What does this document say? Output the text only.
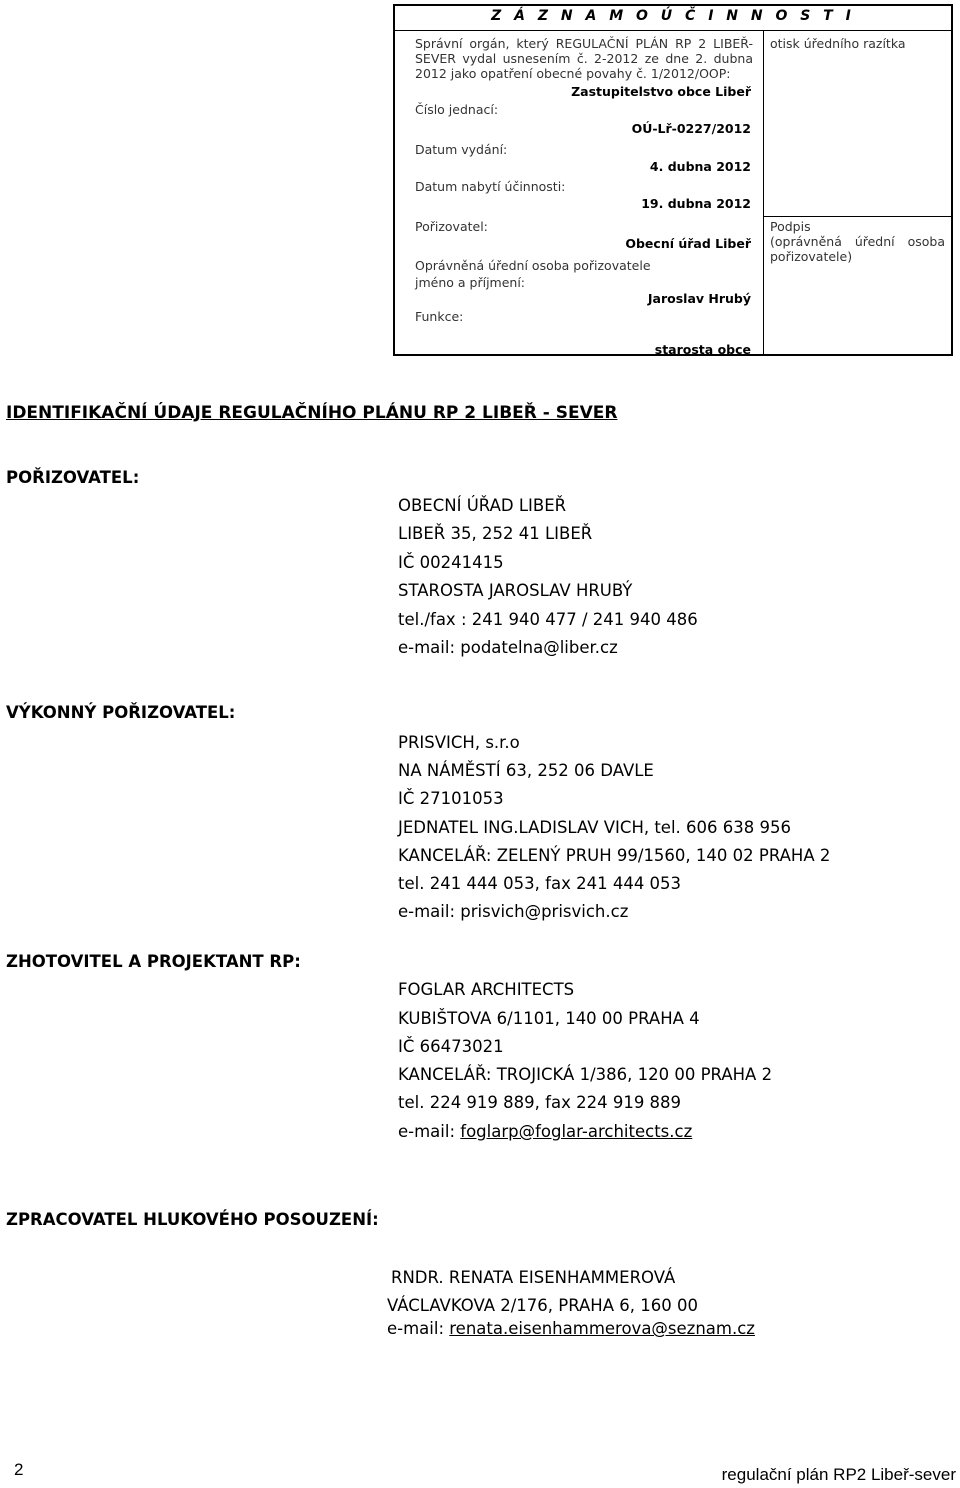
Z Á Z N A M O Ú Č I N N O S T I
Správní orgán, který REGULAČNÍ PLÁN RP 2 LIBEŘ-SEVER vydal usnesením č. 2-2012 ze dne 2. dubna 2012 jako opatření obecné povahy č. 1/2012/OOP:
Zastupitelstvo obce Libeř
Číslo jednací:
OÚ-Lř-0227/2012
Datum vydání:
4. dubna 2012
Datum nabytí účinnosti:
19. dubna 2012
Pořizovatel:
Obecní úřad Libeř
Oprávněná úřední osoba pořizovatele
jméno a příjmení:
Jaroslav Hrubý
Funkce:
starosta obce
otisk úředního razítka
Podpis
(oprávněná úřední osoba
pořizovatele)
IDENTIFIKAČNÍ ÚDAJE REGULAČNÍHO PLÁNU RP 2 LIBEŘ - SEVER
POŘIZOVATEL:
OBECNÍ ÚŘAD LIBEŘ
LIBEŘ 35, 252 41 LIBEŘ
IČ 00241415
STAROSTA JAROSLAV HRUBÝ
tel./fax : 241 940 477 / 241 940 486
e-mail: podatelna@liber.cz
VÝKONNÝ POŘIZOVATEL:
PRISVICH, s.r.o
NA NÁMĚSTÍ 63, 252 06 DAVLE
IČ 27101053
JEDNATEL ING.LADISLAV VICH, tel. 606 638 956
KANCELÁŘ: ZELENÝ PRUH 99/1560, 140 02 PRAHA 2
tel. 241 444 053, fax 241 444 053
e-mail: prisvich@prisvich.cz
ZHOTOVITEL A PROJEKTANT RP:
FOGLAR ARCHITECTS
KUBIŠTOVA 6/1101, 140 00 PRAHA 4
IČ 66473021
KANCELÁŘ: TROJICKÁ 1/386, 120 00 PRAHA 2
tel. 224 919 889, fax 224 919 889
e-mail: foglarp@foglar-architects.cz
ZPRACOVATEL HLUKOVÉHO POSOUZENÍ:
RNDR. RENATA EISENHAMMEROVÁ
VÁCLAVKOVA 2/176, PRAHA 6, 160 00
e-mail: renata.eisenhammerova@seznam.cz
2	regulační plán RP2 Libeř-sever
